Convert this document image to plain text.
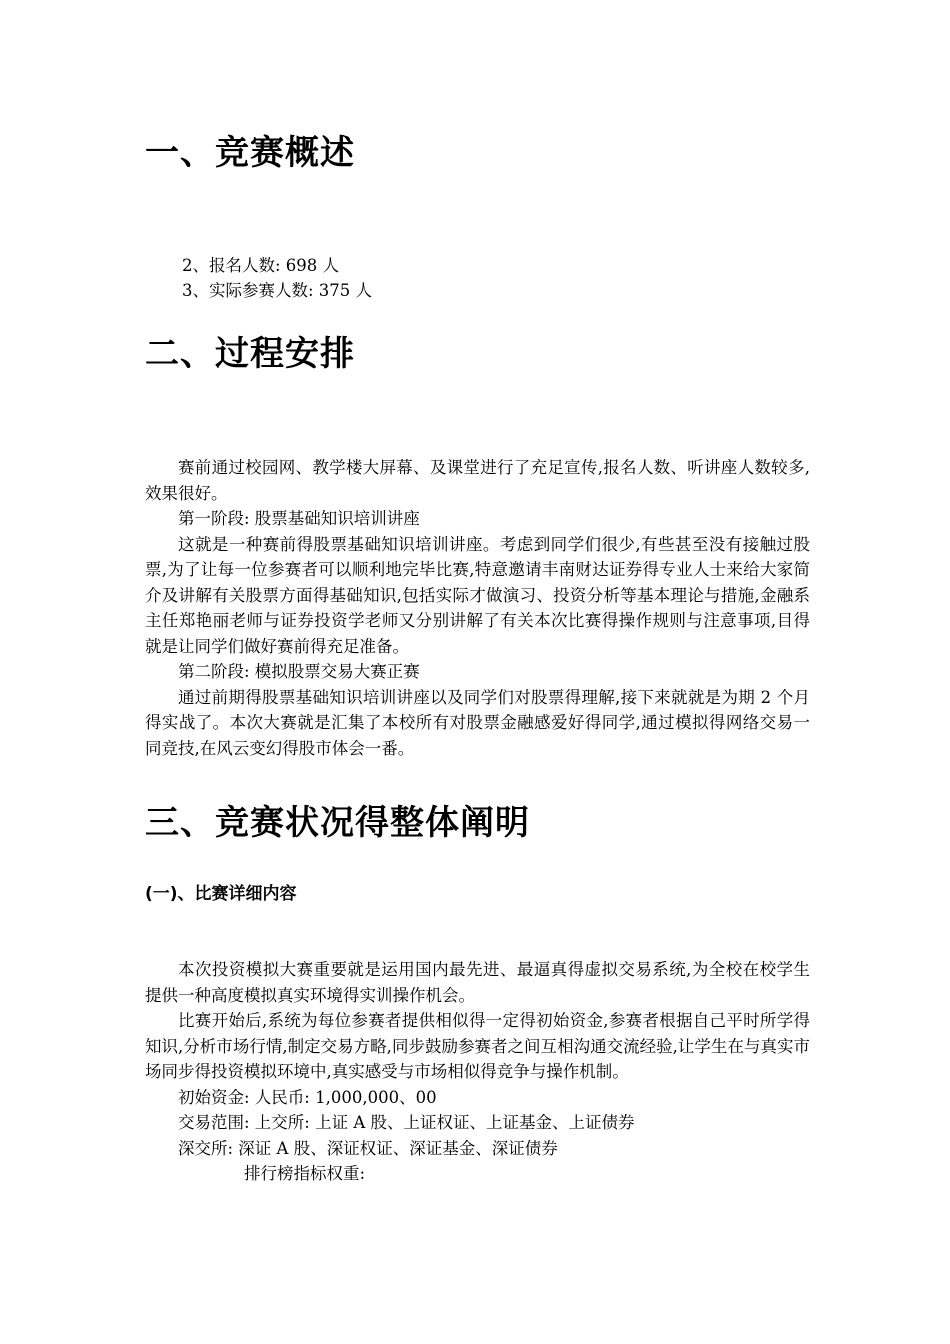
一、竞赛概述
2、报名人数: 698 人
3、实际参赛人数: 375 人
二、过程安排

赛前通过校园网、教学楼大屏幕、及课堂进行了充足宣传,报名人数、听讲座人数较多,效果很好。

第一阶段: 股票基础知识培训讲座

这就是一种赛前得股票基础知识培训讲座。考虑到同学们很少,有些甚至没有接触过股票,为了让每一位参赛者可以顺利地完毕比赛,特意邀请丰南财达证券得专业人士来给大家简介及讲解有关股票方面得基础知识,包括实际才做演习、投资分析等基本理论与措施,金融系主任郑艳丽老师与证券投资学老师又分别讲解了有关本次比赛得操作规则与注意事项,目得就是让同学们做好赛前得充足准备。

第二阶段: 模拟股票交易大赛正赛

通过前期得股票基础知识培训讲座以及同学们对股票得理解,接下来就就是为期 2 个月得实战了。本次大赛就是汇集了本校所有对股票金融感爱好得同学,通过模拟得网络交易一同竞技,在风云变幻得股市体会一番。

三、竞赛状况得整体阐明
(一)、比赛详细内容

本次投资模拟大赛重要就是运用国内最先进、最逼真得虚拟交易系统,为全校在校学生提供一种高度模拟真实环境得实训操作机会。

比赛开始后,系统为每位参赛者提供相似得一定得初始资金,参赛者根据自己平时所学得知识,分析市场行情,制定交易方略,同步鼓励参赛者之间互相沟通交流经验,让学生在与真实市场同步得投资模拟环境中,真实感受与市场相似得竞争与操作机制。

初始资金: 人民币: 1,000,000、00

交易范围: 上交所: 上证 A 股、上证权证、上证基金、上证债券

深交所: 深证 A 股、深证权证、深证基金、深证债券

排行榜指标权重:
